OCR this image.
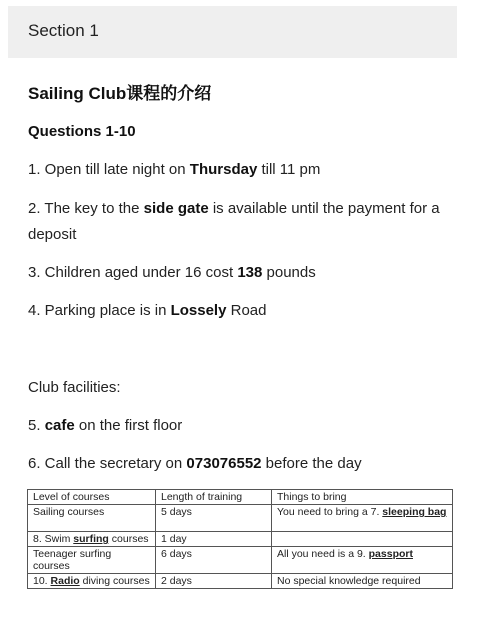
Section 1
Sailing Club课程的介绍
Questions 1-10
1. Open till late night on Thursday till 11 pm
2. The key to the side gate is available until the payment for a deposit
3. Children aged under 16 cost 138 pounds
4. Parking place is in Lossely Road
Club facilities:
5. cafe on the first floor
6. Call the secretary on 073076552 before the day
Level of courses	Length of training	Things to bring
Sailing courses	5 days	You need to bring a 7. sleeping bag
8. Swim surfing courses	1 day	
Teenager surfing courses	6 days	All you need is a 9. passport
10. Radio diving courses	2 days	No special knowledge required
